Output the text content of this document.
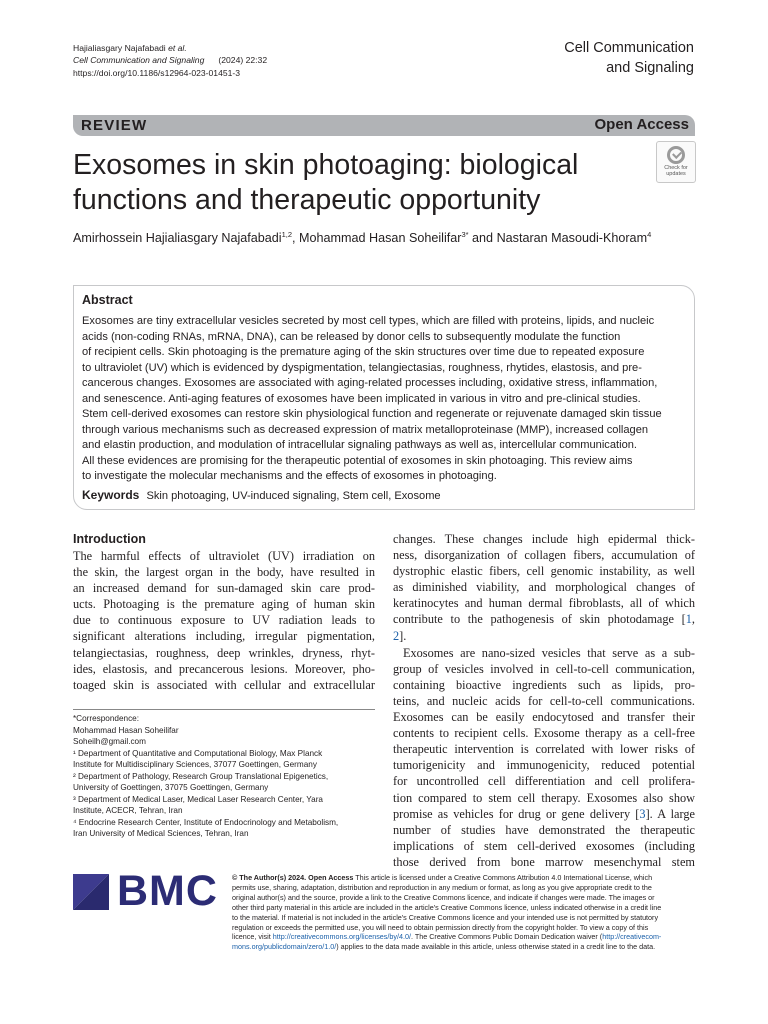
Hajialiasgary Najafabadi et al.
Cell Communication and Signaling (2024) 22:32
https://doi.org/10.1186/s12964-023-01451-3
Cell Communication
and Signaling
REVIEW	Open Access
Exosomes in skin photoaging: biological
functions and therapeutic opportunity
Check for
updates
Amirhossein Hajialiasgary Najafabadi$^{1,2}$, Mohammad Hasan Soheilifar$^{3*}$ and Nastaran Masoudi-Khoram$^4$
Abstract
Exosomes are tiny extracellular vesicles secreted by most cell types, which are filled with proteins, lipids, and nucleic
acids (non-coding RNAs, mRNA, DNA), can be released by donor cells to subsequently modulate the function
of recipient cells. Skin photoaging is the premature aging of the skin structures over time due to repeated exposure
to ultraviolet (UV) which is evidenced by dyspigmentation, telangiectasias, roughness, rhytides, elastosis, and pre-
cancerous changes. Exosomes are associated with aging-related processes including, oxidative stress, inflammation,
and senescence. Anti-aging features of exosomes have been implicated in various in vitro and pre-clinical studies.
Stem cell-derived exosomes can restore skin physiological function and regenerate or rejuvenate damaged skin tissue
through various mechanisms such as decreased expression of matrix metalloproteinase (MMP), increased collagen
and elastin production, and modulation of intracellular signaling pathways as well as, intercellular communication.
All these evidences are promising for the therapeutic potential of exosomes in skin photoaging. This review aims
to investigate the molecular mechanisms and the effects of exosomes in photoaging.
Keywords Skin photoaging, UV-induced signaling, Stem cell, Exosome
Introduction
The harmful effects of ultraviolet (UV) irradiation on
the skin, the largest organ in the body, have resulted in
an increased demand for sun-damaged skin care prod-
ucts. Photoaging is the premature aging of human skin
due to continuous exposure to UV radiation leads to
significant alterations including, irregular pigmentation,
telangiectasias, roughness, deep wrinkles, dryness, rhyt-
ides, elastosis, and precancerous lesions. Moreover, pho-
toaged skin is associated with cellular and extracellular
*Correspondence:
Mohammad Hasan Soheilifar
Soheilh@gmail.com
¹ Department of Quantitative and Computational Biology, Max Planck
Institute for Multidisciplinary Sciences, 37077 Goettingen, Germany
² Department of Pathology, Research Group Translational Epigenetics,
University of Goettingen, 37075 Goettingen, Germany
³ Department of Medical Laser, Medical Laser Research Center, Yara
Institute, ACECR, Tehran, Iran
⁴ Endocrine Research Center, Institute of Endocrinology and Metabolism,
Iran University of Medical Sciences, Tehran, Iran
changes. These changes include high epidermal thick-
ness, disorganization of collagen fibers, accumulation of
dystrophic elastic fibers, cell genomic instability, as well
as diminished viability, and morphological changes of
keratinocytes and human dermal fibroblasts, all of which
contribute to the pathogenesis of skin photodamage [1,
2].
Exosomes are nano-sized vesicles that serve as a sub-
group of vesicles involved in cell-to-cell communication,
containing bioactive ingredients such as lipids, pro-
teins, and nucleic acids for cell-to-cell communications.
Exosomes can be easily endocytosed and transfer their
contents to recipient cells. Exosome therapy as a cell-free
therapeutic intervention is correlated with lower risks of
tumorigenicity and immunogenicity, reduced potential
for uncontrolled cell differentiation and cell prolifera-
tion compared to stem cell therapy. Exosomes also show
promise as vehicles for drug or gene delivery [3]. A large
number of studies have demonstrated the therapeutic
implications of stem cell-derived exosomes (including
those derived from bone marrow mesenchymal stem
BMC © The Author(s) 2024. Open Access This article is licensed under a Creative Commons Attribution 4.0 International License, which
permits use, sharing, adaptation, distribution and reproduction in any medium or format, as long as you give appropriate credit to the
original author(s) and the source, provide a link to the Creative Commons licence, and indicate if changes were made. The images or
other third party material in this article are included in the article's Creative Commons licence, unless indicated otherwise in a credit line
to the material. If material is not included in the article's Creative Commons licence and your intended use is not permitted by statutory
regulation or exceeds the permitted use, you will need to obtain permission directly from the copyright holder. To view a copy of this
licence, visit http://creativecommons.org/licenses/by/4.0/. The Creative Commons Public Domain Dedication waiver (http://creativecom-
mons.org/publicdomain/zero/1.0/) applies to the data made available in this article, unless otherwise stated in a credit line to the data.
